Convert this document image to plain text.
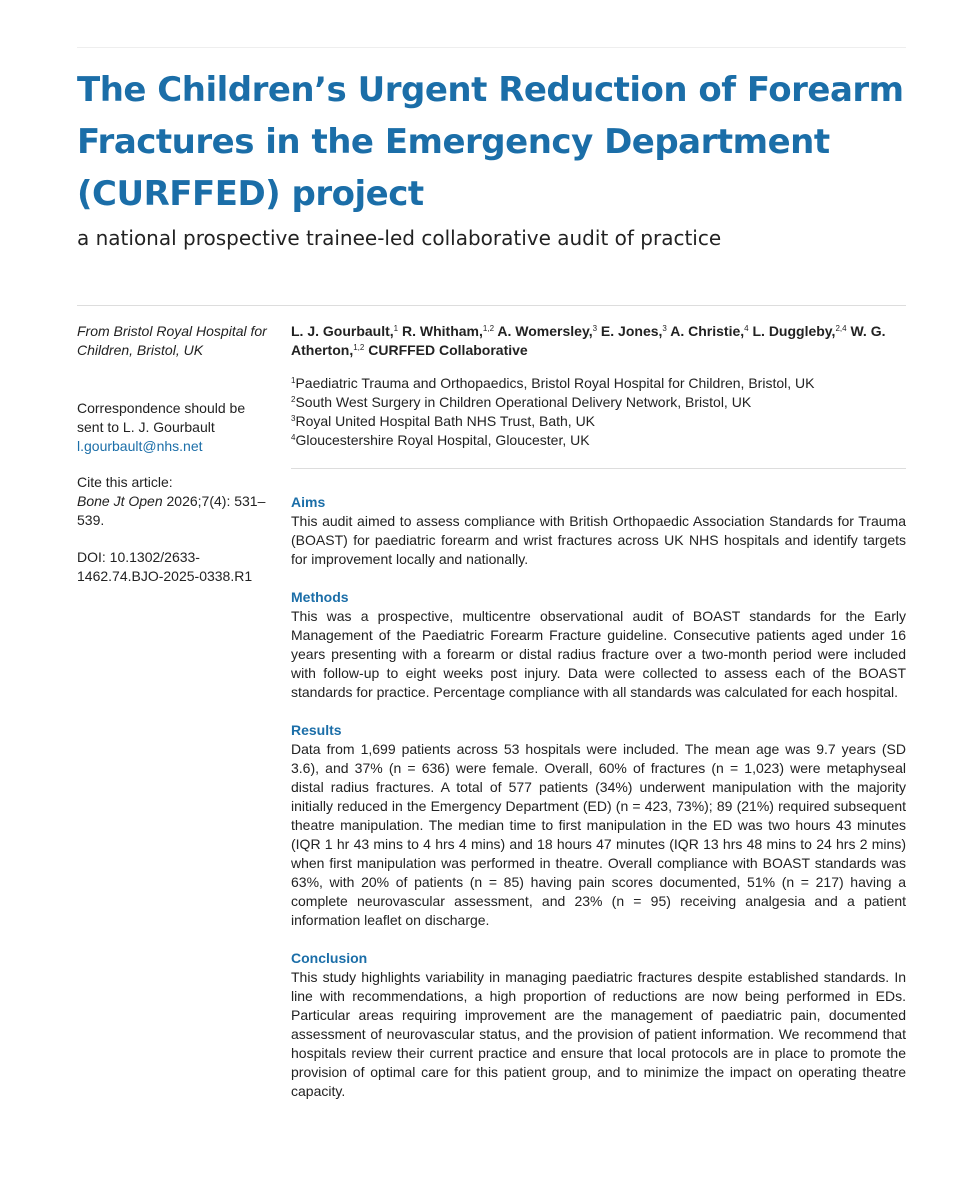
The Children’s Urgent Reduction of Forearm Fractures in the Emergency Department (CURFFED) project
a national prospective trainee-led collaborative audit of practice

From Bristol Royal Hospital for Children, Bristol, UK

Correspondence should be sent to L. J. Gourbault l.gourbault@nhs.net

Cite this article:

Bone Jt Open 2026;7(4): 531–539.

DOI: 10.1302/2633-1462.74.BJO-2025-0338.R1

L. J. Gourbault,$^1$ R. Whitham,$^{1,2}$ A. Womersley,$^3$ E. Jones,$^3$ A. Christie,$^4$ L. Duggleby,$^{2,4}$ W. G. Atherton,$^{1,2}$ CURFFED Collaborative

$^1$Paediatric Trauma and Orthopaedics, Bristol Royal Hospital for Children, Bristol, UK

$^2$South West Surgery in Children Operational Delivery Network, Bristol, UK

$^3$Royal United Hospital Bath NHS Trust, Bath, UK

$^4$Gloucestershire Royal Hospital, Gloucester, UK

Aims

This audit aimed to assess compliance with British Orthopaedic Association Standards for Trauma (BOAST) for paediatric forearm and wrist fractures across UK NHS hospitals and identify targets for improvement locally and nationally.

Methods

This was a prospective, multicentre observational audit of BOAST standards for the Early Management of the Paediatric Forearm Fracture guideline. Consecutive patients aged under 16 years presenting with a forearm or distal radius fracture over a two-month period were included with follow-up to eight weeks post injury. Data were collected to assess each of the BOAST standards for practice. Percentage compliance with all standards was calculated for each hospital.

Results

Data from 1,699 patients across 53 hospitals were included. The mean age was 9.7 years (SD 3.6), and 37% (n = 636) were female. Overall, 60% of fractures (n = 1,023) were metaphyseal distal radius fractures. A total of 577 patients (34%) underwent manipulation with the majority initially reduced in the Emergency Department (ED) (n = 423, 73%); 89 (21%) required subsequent theatre manipulation. The median time to first manipulation in the ED was two hours 43 minutes (IQR 1 hr 43 mins to 4 hrs 4 mins) and 18 hours 47 minutes (IQR 13 hrs 48 mins to 24 hrs 2 mins) when first manipulation was performed in theatre. Overall compliance with BOAST standards was 63%, with 20% of patients (n = 85) having pain scores documented, 51% (n = 217) having a complete neurovascular assessment, and 23% (n = 95) receiving analgesia and a patient information leaflet on discharge.

Conclusion

This study highlights variability in managing paediatric fractures despite established standards. In line with recommendations, a high proportion of reductions are now being performed in EDs. Particular areas requiring improvement are the management of paediatric pain, documented assessment of neurovascular status, and the provision of patient information. We recommend that hospitals review their current practice and ensure that local protocols are in place to promote the provision of optimal care for this patient group, and to minimize the impact on operating theatre capacity.
